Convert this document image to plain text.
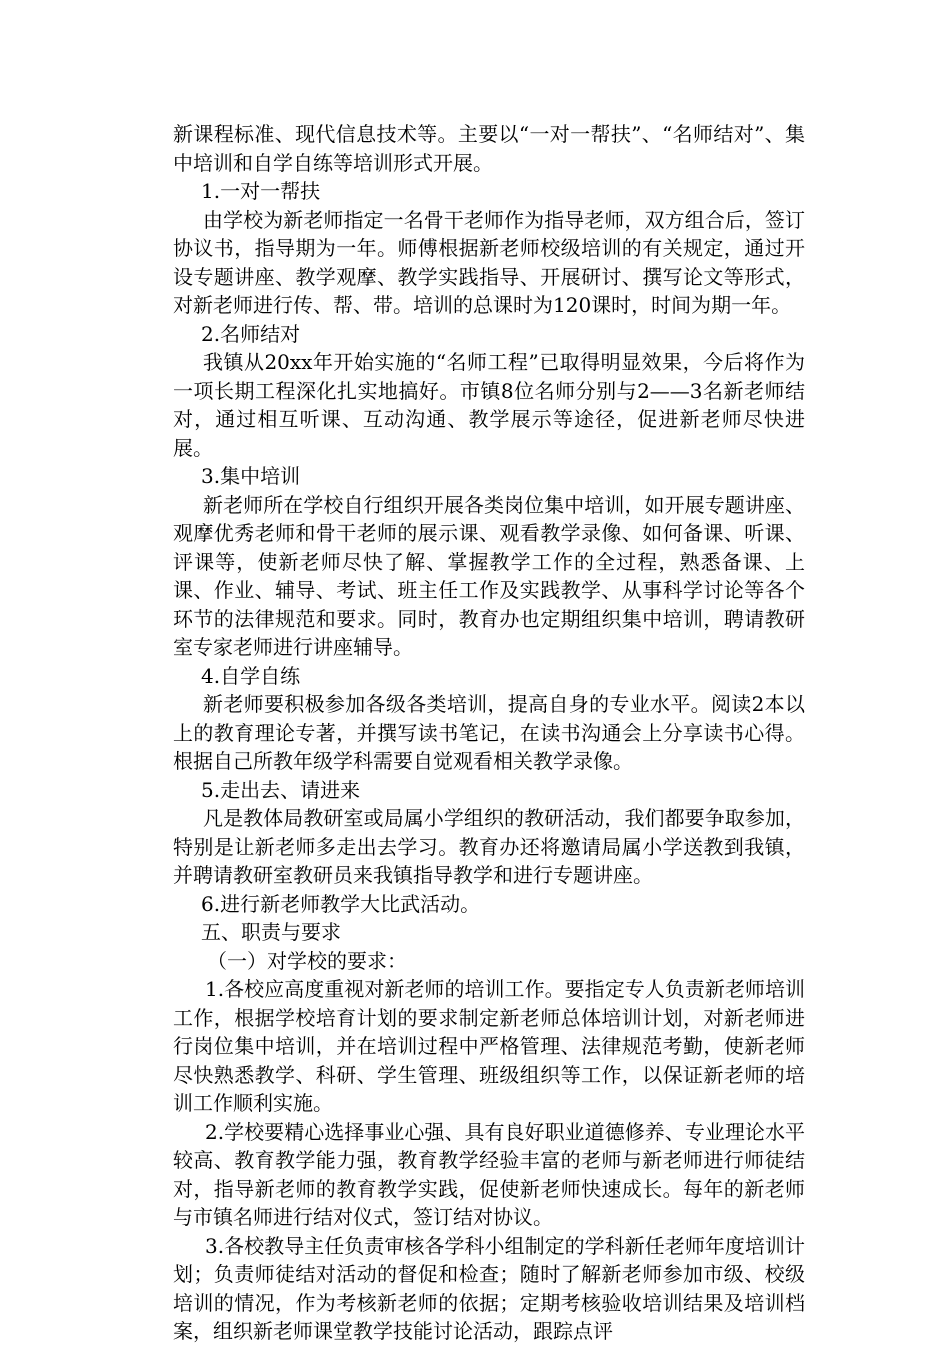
新课程标准、现代信息技术等。主要以“一对一帮扶”、“名师结对”、集中培训和自学自练等培训形式开展。

1.一对一帮扶

由学校为新老师指定一名骨干老师作为指导老师，双方组合后，签订协议书，指导期为一年。师傅根据新老师校级培训的有关规定，通过开设专题讲座、教学观摩、教学实践指导、开展研讨、撰写论文等形式，对新老师进行传、帮、带。培训的总课时为120课时，时间为期一年。

2.名师结对

我镇从20xx年开始实施的“名师工程”已取得明显效果，今后将作为一项长期工程深化扎实地搞好。市镇8位名师分别与2——3名新老师结对，通过相互听课、互动沟通、教学展示等途径，促进新老师尽快进展。

3.集中培训

新老师所在学校自行组织开展各类岗位集中培训，如开展专题讲座、观摩优秀老师和骨干老师的展示课、观看教学录像、如何备课、听课、评课等，使新老师尽快了解、掌握教学工作的全过程，熟悉备课、上课、作业、辅导、考试、班主任工作及实践教学、从事科学讨论等各个环节的法律规范和要求。同时，教育办也定期组织集中培训，聘请教研室专家老师进行讲座辅导。

4.自学自练

新老师要积极参加各级各类培训，提高自身的专业水平。阅读2本以上的教育理论专著，并撰写读书笔记，在读书沟通会上分享读书心得。 根据自己所教年级学科需要自觉观看相关教学录像。

5.走出去、请进来

凡是教体局教研室或局属小学组织的教研活动，我们都要争取参加，特别是让新老师多走出去学习。教育办还将邀请局属小学送教到我镇，并聘请教研室教研员来我镇指导教学和进行专题讲座。

6.进行新老师教学大比武活动。

五、职责与要求

（一）对学校的要求：

1.各校应高度重视对新老师的培训工作。要指定专人负责新老师培训工作，根据学校培育计划的要求制定新老师总体培训计划，对新老师进行岗位集中培训，并在培训过程中严格管理、法律规范考勤，使新老师尽快熟悉教学、科研、学生管理、班级组织等工作，以保证新老师的培训工作顺利实施。

2.学校要精心选择事业心强、具有良好职业道德修养、专业理论水平较高、教育教学能力强，教育教学经验丰富的老师与新老师进行师徒结对，指导新老师的教育教学实践，促使新老师快速成长。每年的新老师与市镇名师进行结对仪式，签订结对协议。

3.各校教导主任负责审核各学科小组制定的学科新任老师年度培训计划；负责师徒结对活动的督促和检查；随时了解新老师参加市级、校级培训的情况，作为考核新老师的依据；定期考核验收培训结果及培训档案，组织新老师课堂教学技能讨论活动，跟踪点评
